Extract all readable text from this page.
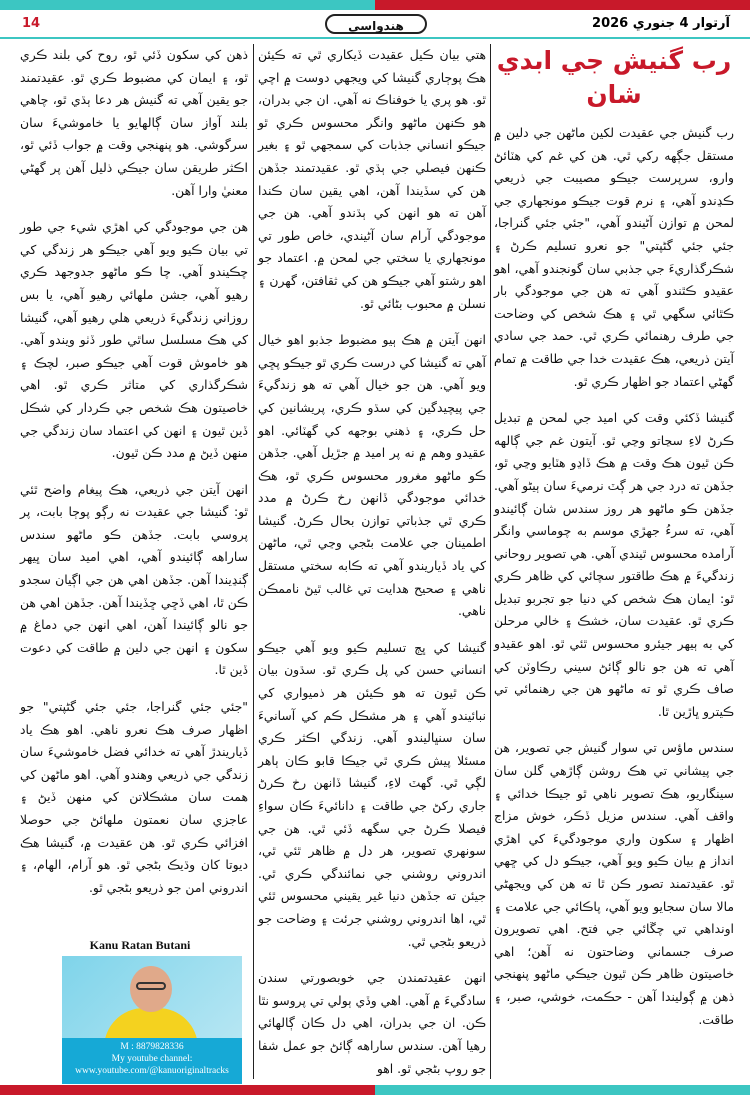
14	هندواسي	آرتوار 4 جنوري 2026
رب گنيش جي ابدي شان

رب گنيش جي عقيدت لکين ماڻهن جي دلين ۾ مستقل جڳهه رکي ٿي. هن کي غم کي هٽائڻ وارو، سرپرست جيڪو مصيبت جي ذريعي ڪڍندو آهي، ۽ نرم قوت جيڪو مونجهاري جي لمحن ۾ توازن آڻيندو آهي، "جئي جئي گنراجا، جئي جئي گڻپتي" جو نعرو تسليم ڪرڻ ۽ شڪرگذاريءَ جي جذبي سان گونجندو آهي، اهو عقيدو ڪٿندو آهي ته هن جي موجودگي بار ڪٿائي سگهي ٿي ۽ هڪ شخص کي وضاحت جي طرف رهنمائي ڪري ٿي. حمد جي سادي آيتن ذريعي، هڪ عقيدت خدا جي طاقت ۾ تمام گهڻي اعتماد جو اظهار ڪري ٿو.

گنيشا ڏکئي وقت کي اميد جي لمحن ۾ تبديل ڪرڻ لاءِ سڃاتو وڃي ٿو. آيتون غم جي ڳالهه ڪن ٿيون هڪ وقت ۾ هڪ ڏاڍو هٽايو وڃي ٿو، جڏهن ته درد جي هر ڳٽ نرميءَ سان ٻيڻو آهي. جڏهن ڪو ماڻهو هر روز سندس شان ڳائيندو آهي، ته سرءُ جهڙي موسم به چوماسي وانگر آرامده محسوس ٿيندي آهي. هي تصوير روحاني زندگيءَ ۾ هڪ طاقتور سچائي کي ظاهر ڪري ٿو: ايمان هڪ شخص کي دنيا جو تجربو تبديل ڪري ٿو. عقيدت سان، خشڪ ۽ خالي مرحلن کي به ٻيهر جيئرو محسوس ٿئي ٿو. اهو عقيدو آهي ته هن جو نالو ڳائڻ سيني رڪاوٽن کي صاف ڪري ٿو ته ماڻهو هن جي رهنمائي تي ڪيترو ڀاڙين ٿا.

سندس ماؤس تي سوار گنيش جي تصوير، هن جي پيشاني تي هڪ روشن ڳاڙهي گلن سان سينگاريو، هڪ تصوير ناهي ٿو جيڪا خدائي ۽ واقف آهي. سندس مزيل ڏڪر، خوش مزاج اظهار ۽ سکون واري موجودگيءَ کي اهڙي انداز ۾ بيان ڪيو ويو آهي، جيڪو دل کي ڇهي ٿو. عقيدتمند تصور ڪن ٿا ته هن کي ويجهڻي مالا سان سجايو ويو آهي، پاڪائي جي علامت ۽ اونداهي تي چڱائي جي فتح. اهي تصويرون صرف جسماني وضاحتون نه آهن؛ اهي خاصيتون ظاهر ڪن ٿيون جيڪي ماڻهو پنهنجي ذهن ۾ ڳوليندا آهن - حڪمت، خوشي، صبر، ۽ طاقت.

هتي بيان ڪيل عقيدت ڏيکاري ٿي ته ڪيئن هڪ پوڄاري گنيشا کي ويجهي دوست ۾ اچي ٿو. هو پري يا خوفناڪ نه آهي. ان جي بدران، هو ڪنهن ماڻهو وانگر محسوس ڪري ٿو جيڪو انساني جذبات کي سمجهي ٿو ۽ بغير ڪنهن فيصلي جي ٻڌي ٿو. عقيدتمند جڏهن هن کي سڏيندا آهن، اهي يقين سان ڪندا آهن ته هو انهن کي ٻڌندو آهي. هن جي موجودگي آرام سان آڻيندي، خاص طور تي مونجهاري يا سختي جي لمحن ۾. اعتماد جو اهو رشتو آهي جيڪو هن کي ثقافتن، گهرن ۽ نسلن ۾ محبوب بڻائي ٿو.

انهن آيتن ۾ هڪ ٻيو مضبوط جذبو اهو خيال آهي ته گنيشا کي درست ڪري ٿو جيڪو پڇي ويو آهي. هن جو خيال آهي ته هو زندگيءَ جي پيچيدگين کي سڌو ڪري، پريشانين کي حل ڪري، ۽ ذهني بوجهه کي گهٽائي. اهو عقيدو وهم ۾ نه پر اميد ۾ جڙيل آهي. جڏهن ڪو ماڻهو مغرور محسوس ڪري ٿو، هڪ خدائي موجودگي ڏانهن رخ ڪرڻ ۾ مدد ڪري ٿي جذباتي توازن بحال ڪرڻ. گنيشا اطمينان جي علامت بڻجي وڃي ٿي، ماڻهن کي ياد ڏياريندو آهي ته ڪابه سختي مستقل ناهي ۽ صحيح هدايت تي غالب ٿيڻ ناممڪن ناهي.

گنيشا کي ڀڄ تسليم ڪيو ويو آهي جيڪو انساني حسن کي پل ڪري ٿو. سڌون بيان ڪن ٿيون ته هو ڪيئن هر ذميواري کي نبائيندو آهي ۽ هر مشڪل ڪم کي آسانيءَ سان سنڀاليندو آهي. زندگي اڪثر ڪري مسئلا پيش ڪري ٿي جيڪا قابو ڪان ٻاهر لڳي ٿي. گهٽ لاءِ، گنيشا ڏانهن رخ ڪرڻ جاري رکڻ جي طاقت ۽ دانائيءَ ڪان سواءِ فيصلا ڪرڻ جي سگهه ڏئي ٿي. هن جي سونهري تصوير، هر دل ۾ ظاهر ٿئي ٿي، اندروني روشني جي نمائندگي ڪري ٿي. جيئن ته جڏهن دنيا غير يقيني محسوس ٿئي ٿي، اها اندروني روشني جرئت ۽ وضاحت جو ذريعو بڻجي ٿي.

انهن عقيدتمندن جي خوبصورتي سندن سادگيءَ ۾ آهي. اهي وڏي ٻولي تي پروسو نٿا ڪن. ان جي بدران، اهي دل ڪان ڳالهائي رهيا آهن. سندس ساراهه ڳائڻ جو عمل شفا جو روپ بڻجي ٿو. اهو

ذهن کي سکون ڏئي ٿو، روح کي بلند ڪري ٿو، ۽ ايمان کي مضبوط ڪري ٿو. عقيدتمند جو يقين آهي ته گنيش هر دعا ٻڌي ٿو، چاهي بلند آواز سان ڳالهايو يا خاموشيءَ سان سرگوشي. هو پنهنجي وقت ۾ جواب ڏئي ٿو، اڪثر طريقن سان جيڪي ذليل آهن پر گهڻي معنيٰ وارا آهن.

هن جي موجودگي کي اهڙي شيء جي طور تي بيان ڪيو ويو آهي جيڪو هر زندگي کي چڪيندو آهي. چا ڪو ماڻهو جدوجهد ڪري رهيو آهي، جشن ملهائي رهيو آهي، يا بس روزاني زندگيءَ ذريعي هلي رهيو آهي، گنيشا کي هڪ مسلسل ساٿي طور ڏٺو ويندو آهي. هو خاموش قوت آهي جيڪو صبر، لچڪ ۽ شڪرگذاري کي متاثر ڪري ٿو. اهي خاصيتون هڪ شخص جي ڪردار کي شڪل ڏين ٿيون ۽ انهن کي اعتماد سان زندگي جي منهن ڏيڻ ۾ مدد ڪن ٿيون.

انهن آيتن جي ذريعي، هڪ پيغام واضح ٿئي ٿو: گنيشا جي عقيدت نه رڳو پوڄا بابت، پر پروسي بابت. جڏهن ڪو ماڻهو سندس ساراهه ڳائيندو آهي، اهي اميد سان ڀيهر ڳنڍيندا آهن. جڏهن اهي هن جي اڳيان سجدو ڪن ٿا، اهي ڏڇي ڇڏيندا آهن. جڏهن اهي هن جو نالو ڳائيندا آهن، اهي انهن جي دماغ ۾ سکون ۽ انهن جي دلين ۾ طاقت کي دعوت ڏين ٿا.

"جئي جئي گنراجا، جئي جئي گڻپتي" جو اظهار صرف هڪ نعرو ناهي. اهو هڪ ياد ڏياريندڙ آهي ته خدائي فضل خاموشيءَ سان زندگي جي ذريعي وهندو آهي. اهو ماڻهن کي همت سان مشڪلاتن کي منهن ڏيڻ ۽ عاجزي سان نعمتون ملهائڻ جي حوصلا افزائي ڪري ٿو. هن عقيدت ۾، گنيشا هڪ ديوتا کان وڌيڪ بڻجي ٿو. هو آرام، الهام، ۽ اندروني امن جو ذريعو بڻجي ٿو.

Kanu Ratan Butani
M : 8879828336
My youtube channel:
www.youtube.com/@kanuoriginaltracks
